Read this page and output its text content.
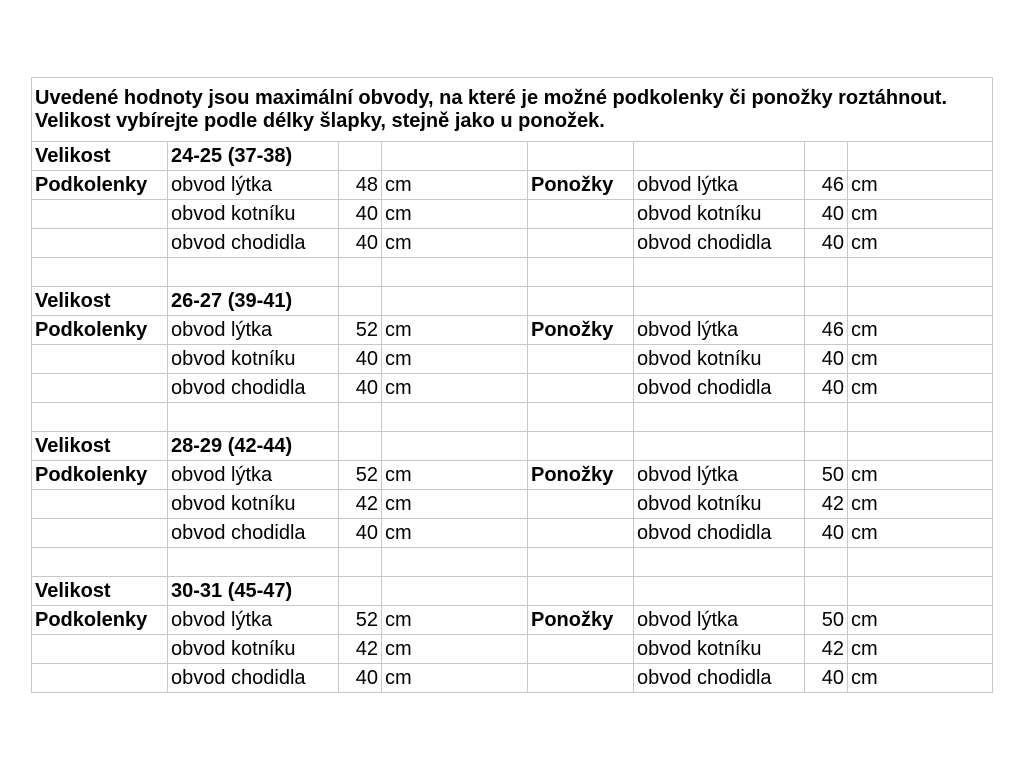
Uvedené hodnoty jsou maximální obvody, na které je možné podkolenky či ponožky roztáhnout. Velikost vybírejte podle délky šlapky, stejně jako u ponožek.							
Velikost	24-25 (37-38)						
Podkolenky	obvod lýtka	48	cm	Ponožky	obvod lýtka	46	cm
	obvod kotníku	40	cm		obvod kotníku	40	cm
	obvod chodidla	40	cm		obvod chodidla	40	cm

Velikost	26-27 (39-41)						
Podkolenky	obvod lýtka	52	cm	Ponožky	obvod lýtka	46	cm
	obvod kotníku	40	cm		obvod kotníku	40	cm
	obvod chodidla	40	cm		obvod chodidla	40	cm

Velikost	28-29 (42-44)						
Podkolenky	obvod lýtka	52	cm	Ponožky	obvod lýtka	50	cm
	obvod kotníku	42	cm		obvod kotníku	42	cm
	obvod chodidla	40	cm		obvod chodidla	40	cm

Velikost	30-31 (45-47)						
Podkolenky	obvod lýtka	52	cm	Ponožky	obvod lýtka	50	cm
	obvod kotníku	42	cm		obvod kotníku	42	cm
	obvod chodidla	40	cm		obvod chodidla	40	cm
